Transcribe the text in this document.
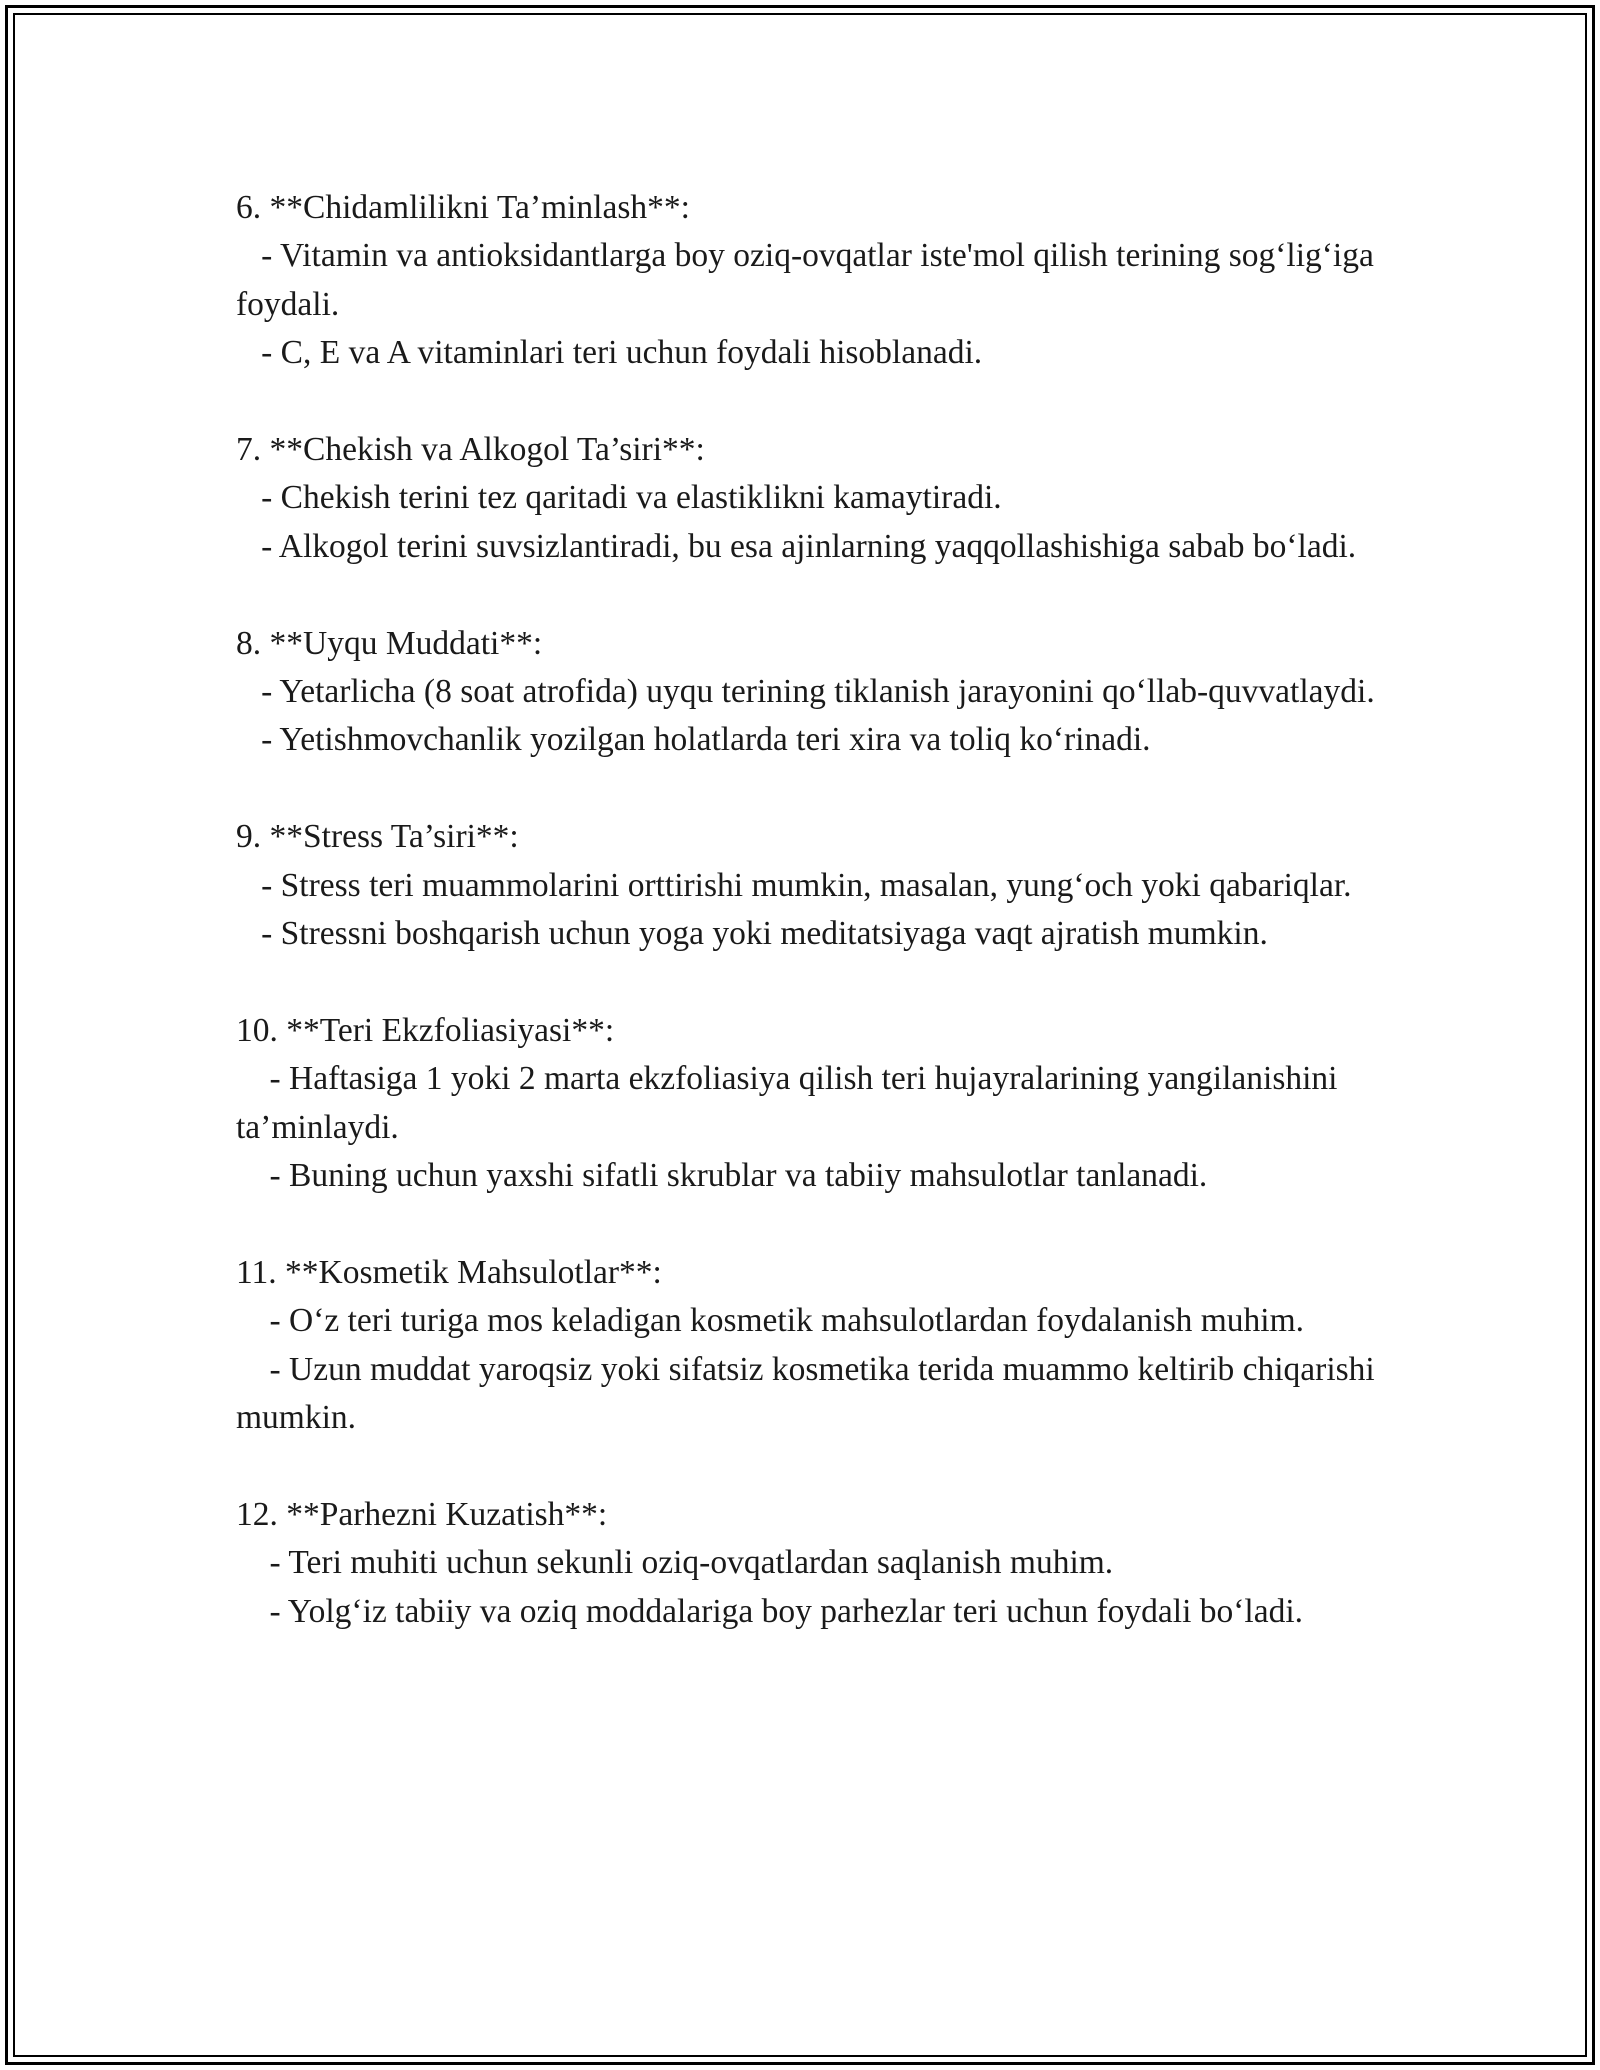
6. **Chidamlilikni Ta’minlash**:

- Vitamin va antioksidantlarga boy oziq-ovqatlar iste'mol qilish terining sog‘lig‘iga foydali.

- C, E va A vitaminlari teri uchun foydali hisoblanadi.

7. **Chekish va Alkogol Ta’siri**:

- Chekish terini tez qaritadi va elastiklikni kamaytiradi.

- Alkogol terini suvsizlantiradi, bu esa ajinlarning yaqqollashishiga sabab bo‘ladi.

8. **Uyqu Muddati**:

- Yetarlicha (8 soat atrofida) uyqu terining tiklanish jarayonini qo‘llab-quvvatlaydi.

- Yetishmovchanlik yozilgan holatlarda teri xira va toliq ko‘rinadi.

9. **Stress Ta’siri**:

- Stress teri muammolarini orttirishi mumkin, masalan, yung‘och yoki qabariqlar.

- Stressni boshqarish uchun yoga yoki meditatsiyaga vaqt ajratish mumkin.

10. **Teri Ekzfoliasiyasi**:

- Haftasiga 1 yoki 2 marta ekzfoliasiya qilish teri hujayralarining yangilanishini ta’minlaydi.

- Buning uchun yaxshi sifatli skrublar va tabiiy mahsulotlar tanlanadi.

11. **Kosmetik Mahsulotlar**:

- O‘z teri turiga mos keladigan kosmetik mahsulotlardan foydalanish muhim.

- Uzun muddat yaroqsiz yoki sifatsiz kosmetika terida muammo keltirib chiqarishi mumkin.

12. **Parhezni Kuzatish**:

- Teri muhiti uchun sekunli oziq-ovqatlardan saqlanish muhim.

- Yolg‘iz tabiiy va oziq moddalariga boy parhezlar teri uchun foydali bo‘ladi.
